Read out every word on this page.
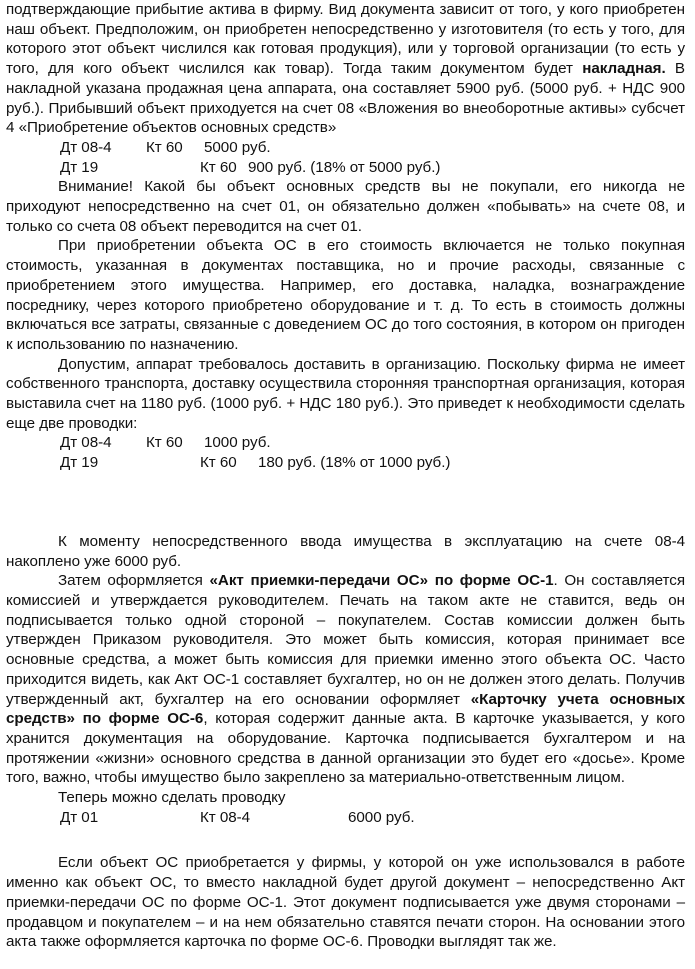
подтверждающие прибытие актива в фирму. Вид документа зависит от того, у кого приобретен наш объект. Предположим, он приобретен непосредственно у изготовителя (то есть у того, для которого этот объект числился как готовая продукция), или у торговой организации (то есть у того, для кого объект числился как товар). Тогда таким документом будет накладная. В накладной указана продажная цена аппарата, она составляет 5900 руб. (5000 руб. + НДС 900 руб.). Прибывший объект приходуется на счет 08 «Вложения во внеоборотные активы» субсчет 4 «Приобретение объектов основных средств»

Дт 08-4 Кт 60 5000 руб.

Дт 19	Кт 60 900 руб. (18% от 5000 руб.)

Внимание! Какой бы объект основных средств вы не покупали, его никогда не приходуют непосредственно на счет 01, он обязательно должен «побывать» на счете 08, и только со счета 08 объект переводится на счет 01.

При приобретении объекта ОС в его стоимость включается не только покупная стоимость, указанная в документах поставщика, но и прочие расходы, связанные с приобретением этого имущества. Например, его доставка, наладка, вознаграждение посреднику, через которого приобретено оборудование и т. д. То есть в стоимость должны включаться все затраты, связанные с доведением ОС до того состояния, в котором он пригоден к использованию по назначению.

Допустим, аппарат требовалось доставить в организацию. Поскольку фирма не имеет собственного транспорта, доставку осуществила сторонняя транспортная организация, которая выставила счет на 1180 руб. (1000 руб. + НДС 180 руб.). Это приведет к необходимости сделать еще две проводки:

Дт 08-4 Кт 60 1000 руб.

Дт 19	Кт 60 180 руб. (18% от 1000 руб.)

К моменту непосредственного ввода имущества в эксплуатацию на счете 08-4 накоплено уже 6000 руб.

Затем оформляется «Акт приемки-передачи ОС» по форме ОС-1. Он составляется комиссией и утверждается руководителем. Печать на таком акте не ставится, ведь он подписывается только одной стороной – покупателем. Состав комиссии должен быть утвержден Приказом руководителя. Это может быть комиссия, которая принимает все основные средства, а может быть комиссия для приемки именно этого объекта ОС. Часто приходится видеть, как Акт ОС-1 составляет бухгалтер, но он не должен этого делать. Получив утвержденный акт, бухгалтер на его основании оформляет «Карточку учета основных средств» по форме ОС-6, которая содержит данные акта. В карточке указывается, у кого хранится документация на оборудование. Карточка подписывается бухгалтером и на протяжении «жизни» основного средства в данной организации это будет его «досье». Кроме того, важно, чтобы имущество было закреплено за материально-ответственным лицом.

Теперь можно сделать проводку

Дт 01	Кт 08-4	6000 руб.

Если объект ОС приобретается у фирмы, у которой он уже использовался в работе именно как объект ОС, то вместо накладной будет другой документ – непосредственно Акт приемки-передачи ОС по форме ОС-1. Этот документ подписывается уже двумя сторонами – продавцом и покупателем – и на нем обязательно ставятся печати сторон. На основании этого акта также оформляется карточка по форме ОС-6. Проводки выглядят так же.
